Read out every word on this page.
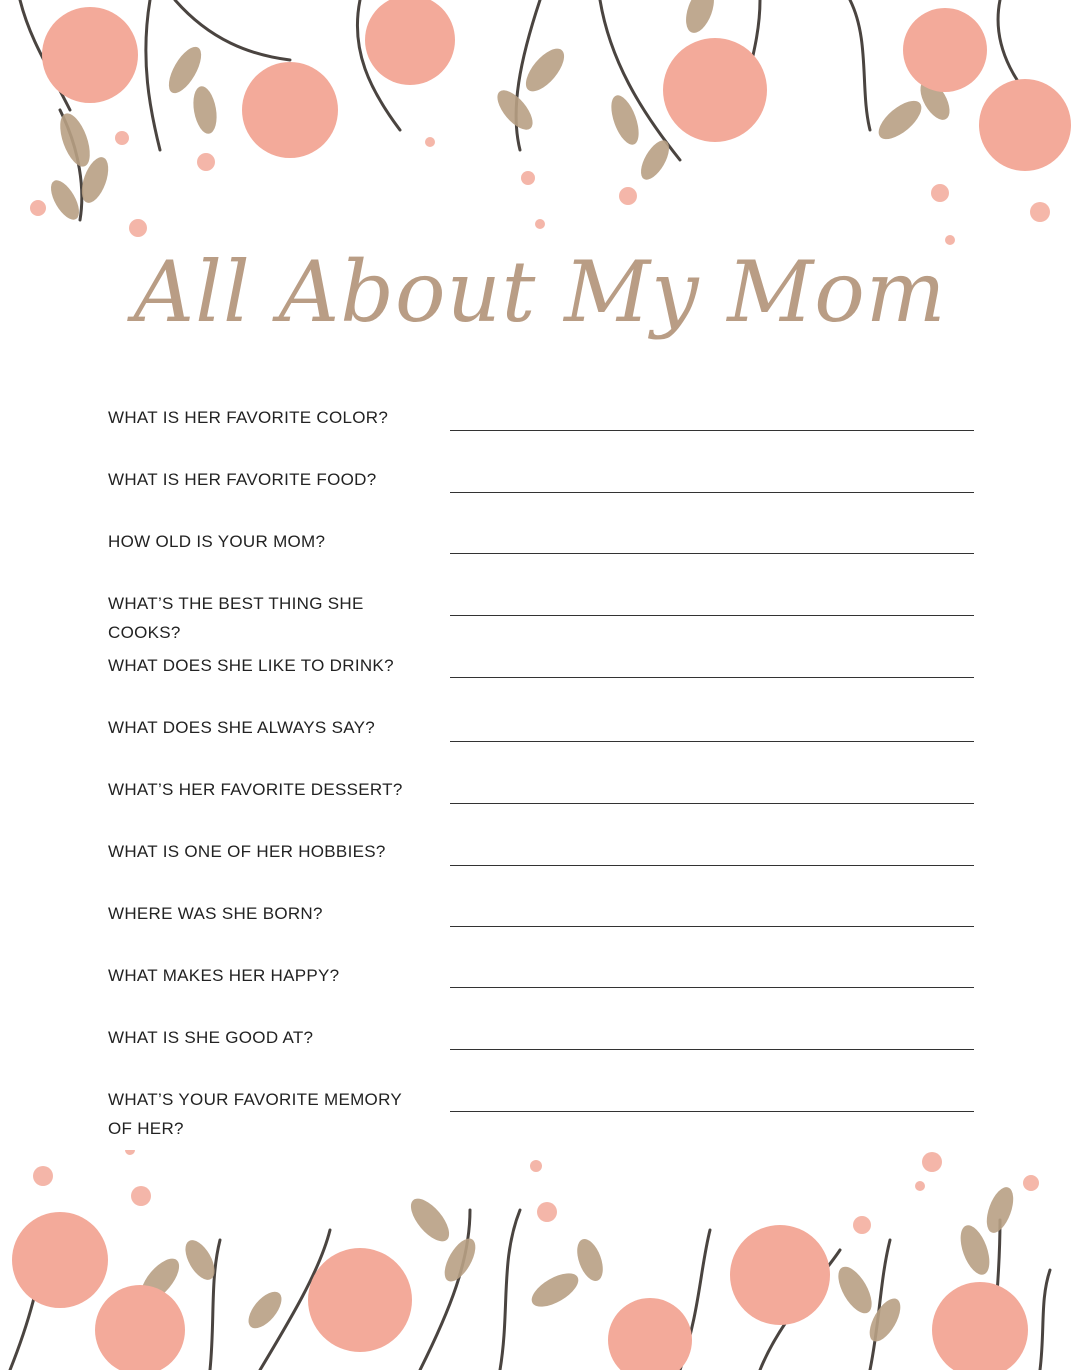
All About My Mom
WHAT IS HER FAVORITE COLOR?
WHAT IS HER FAVORITE FOOD?
HOW OLD IS YOUR MOM?
WHAT’S THE BEST THING SHE COOKS?
WHAT DOES SHE LIKE TO DRINK?
WHAT DOES SHE ALWAYS SAY?
WHAT’S HER FAVORITE DESSERT?
WHAT IS ONE OF HER HOBBIES?
WHERE WAS SHE BORN?
WHAT MAKES HER HAPPY?
WHAT IS SHE GOOD AT?
WHAT’S YOUR FAVORITE MEMORY
OF HER?
